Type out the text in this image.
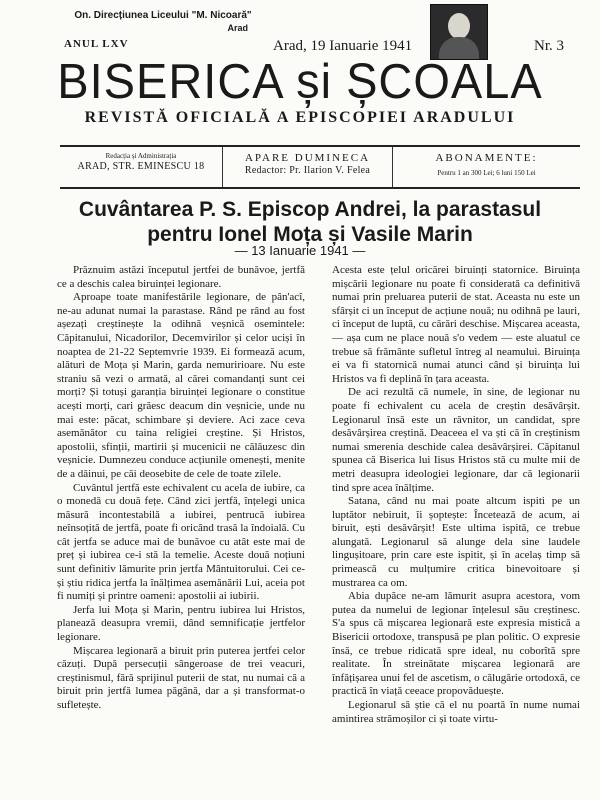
On. Direcțiunea Liceului "M. Nicoară"
Arad
ANUL LXV	Arad, 19 Ianuarie 1941	Nr. 3
BISERICA și ȘCOALA
REVISTĂ OFICIALĂ A EPISCOPIEI ARADULUI
Redacția și Administrația
ARAD, STR. EMINESCU 18
APARE DUMINECA
Redactor: Pr. Ilarion V. Felea
ABONAMENTE:
Pentru 1 an 300 Lei; 6 luni 150 Lei
Cuvântarea P. S. Episcop Andrei, la parastasul
pentru Ionel Moța și Vasile Marin
— 13 Ianuarie 1941 —

Prăznuim astăzi începutul jertfei de bunăvoe, jertfă ce a deschis calea biruinței legionare.

Aproape toate manifestările legionare, de pân'acî, ne-au adunat numai la parastase. Rând pe rând au fost așezați creștinește la odihnă veșnică osemintele: Căpitanului, Nicadorilor, Decemvirilor și celor uciși în noaptea de 21-22 Septemvrie 1939. Ei formează acum, alături de Moța și Marin, garda nemuririoare. Nu este straniu să vezi o armată, al cărei comandanți sunt cei morți? Și totuși garanția biruinței legionare o constitue acești morți, cari grăesc deacum din veșnicie, unde nu mai este: păcat, schimbare și deviere. Aci zace ceva asemănător cu taina religiei creștine. Și Hristos, apostolii, sfinții, martirii și mucenicii ne călăuzesc din veșnicie. Dumnezeu conduce acțiunile omenești, menite de a dăinui, pe căi deosebite de cele de toate zilele.

Cuvântul jertfă este echivalent cu acela de iubire, ca o monedă cu două fețe. Când zici jertfă, înțelegi unica măsură incontestabilă a iubirei, pentrucă iubirea neînsoțită de jertfă, poate fi oricând trasă la îndoială. Cu cât jertfa se aduce mai de bunăvoe cu atât este mai de preț și iubirea ce-i stă la temelie. Aceste două noțiuni sunt definitiv lămurite prin jertfa Mântuitorului. Cei ce-și știu ridica jertfa la înălțimea asemănării Lui, aceia pot fi numiți și printre oameni: apostolii ai iubirii.

Jerfa lui Moța și Marin, pentru iubirea lui Hristos, planează deasupra vremii, dând semnificație jertfelor legionare.

Mișcarea legionară a biruit prin puterea jertfei celor căzuți. După persecuții sângeroase de trei veacuri, creștinismul, fără sprijinul puterii de stat, nu numai că a biruit prin jertfă lumea păgână, dar a și transformat-o sufletește.

Acesta este țelul oricărei biruinți statornice. Biruința mișcării legionare nu poate fi considerată ca definitivă numai prin preluarea puterii de stat. Aceasta nu este un sfârșit ci un început de acțiune nouă; nu odihnă pe lauri, ci început de luptă, cu cărări deschise. Mișcarea aceasta, — așa cum ne place nouă s'o vedem — este aluatul ce trebue să frământe sufletul întreg al neamului. Biruința ei va fi statornică numai atunci când și biruința lui Hristos va fi deplină în țara aceasta.

De aci rezultă că numele, în sine, de legionar nu poate fi echivalent cu acela de creștin desăvârșit. Legionarul însă este un răvnitor, un candidat, spre desăvârșirea creștină. Deaceea el va ști că în creștinism numai smerenia deschide calea desăvârșirei. Căpitanul spunea că Biserica lui Iisus Hristos stă cu multe mii de metri deasupra ideologiei legionare, dar că legionarii tind spre acea înălțime.

Satana, când nu mai poate altcum ispiti pe un luptător nebiruit, îi șoptește: Încetează de acum, ai biruit, ești desăvârșit! Este ultima ispită, ce trebue alungată. Legionarul să alunge dela sine laudele lingușitoare, prin care este ispitit, și în acelaș timp să primească cu mulțumire critica binevoitoare și mustrarea ca om.

Abia dupăce ne-am lămurit asupra acestora, vom putea da numelui de legionar înțelesul său creștinesc. S'a spus că mișcarea legionară este expresia mistică a Bisericii ortodoxe, transpusă pe plan politic. O expresie însă, ce trebue ridicată spre ideal, nu coborîtă spre realitate. În streinătate mișcarea legionară are înfățișarea unui fel de ascetism, o călugărie ortodoxă, ce practică în viață ceeace propovăduește.

Legionarul să știe că el nu poartă în nume numai amintirea strămoșilor ci și toate virtu-
